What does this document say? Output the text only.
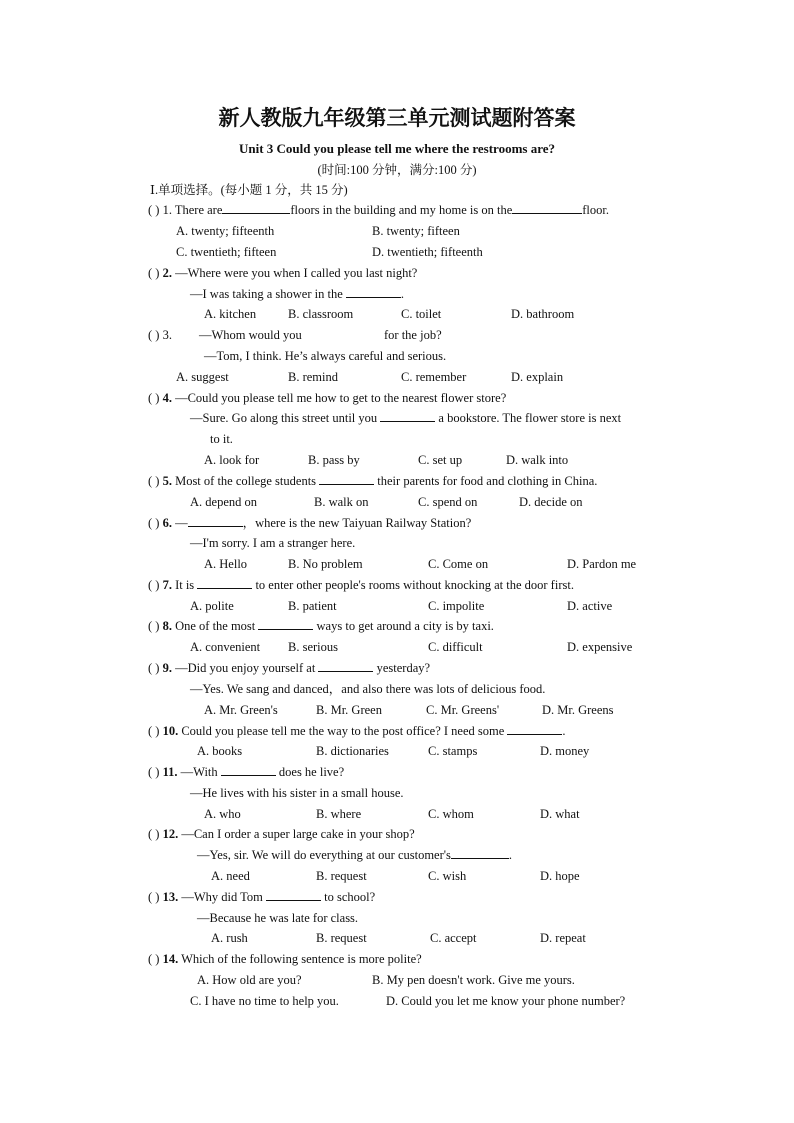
新人教版九年级第三单元测试题附答案
Unit 3 Could you please tell me where the restrooms are?
(时间:100 分钟，满分:100 分)
Ⅰ.单项选择。(每小题 1 分，共 15 分)
( ) 1. There are	floors in the building and my home is on the	floor.
A. twenty; fifteenth	B. twenty; fifteen
C. twentieth; fifteen	D. twentieth; fifteenth
( ) 2. —Where were you when I called you last night?
—I was taking a shower in the	.
A. kitchen	B. classroom	C. toilet	D. bathroom
( ) 3. —Whom would you	for the job?
—Tom, I think. He’s always careful and serious.
A. suggest	B. remind	C. remember	D. explain
( ) 4. —Could you please tell me how to get to the nearest flower store?
—Sure. Go along this street until you	a bookstore. The flower store is next
to it.
A. look for	B. pass by	C. set up	D. walk into
( ) 5. Most of the college students	their parents for food and clothing in China.
A. depend on	B. walk on	C. spend on	D. decide on
( ) 6. —	，where is the new Taiyuan Railway Station?
—I'm sorry. I am a stranger here.
A. Hello	B. No problem	C. Come on	D. Pardon me
( ) 7. It is	to enter other people's rooms without knocking at the door first.
A. polite	B. patient	C. impolite	D. active
( ) 8. One of the most	ways to get around a city is by taxi.
A. convenient B. serious	C. difficult	D. expensive
( ) 9. —Did you enjoy yourself at	yesterday?
—Yes. We sang and danced，and also there was lots of delicious food.
A. Mr. Green's	B. Mr. Green	C. Mr. Greens'	D. Mr. Greens
( ) 10. Could you please tell me the way to the post office? I need some	.
A. books	B. dictionaries	C. stamps	D. money
( ) 11. —With	does he live?
—He lives with his sister in a small house.
A. who	B. where	C. whom	D. what
( ) 12. —Can I order a super large cake in your shop?
—Yes, sir. We will do everything at our customer's	.
A. need	B. request	C. wish	D. hope
( ) 13. —Why did Tom	to school?
—Because he was late for class.
A. rush	B. request	C. accept	D. repeat
( ) 14. Which of the following sentence is more polite?
A. How old are you?	B. My pen doesn't work. Give me yours.
C. I have no time to help you.	D. Could you let me know your phone number?
